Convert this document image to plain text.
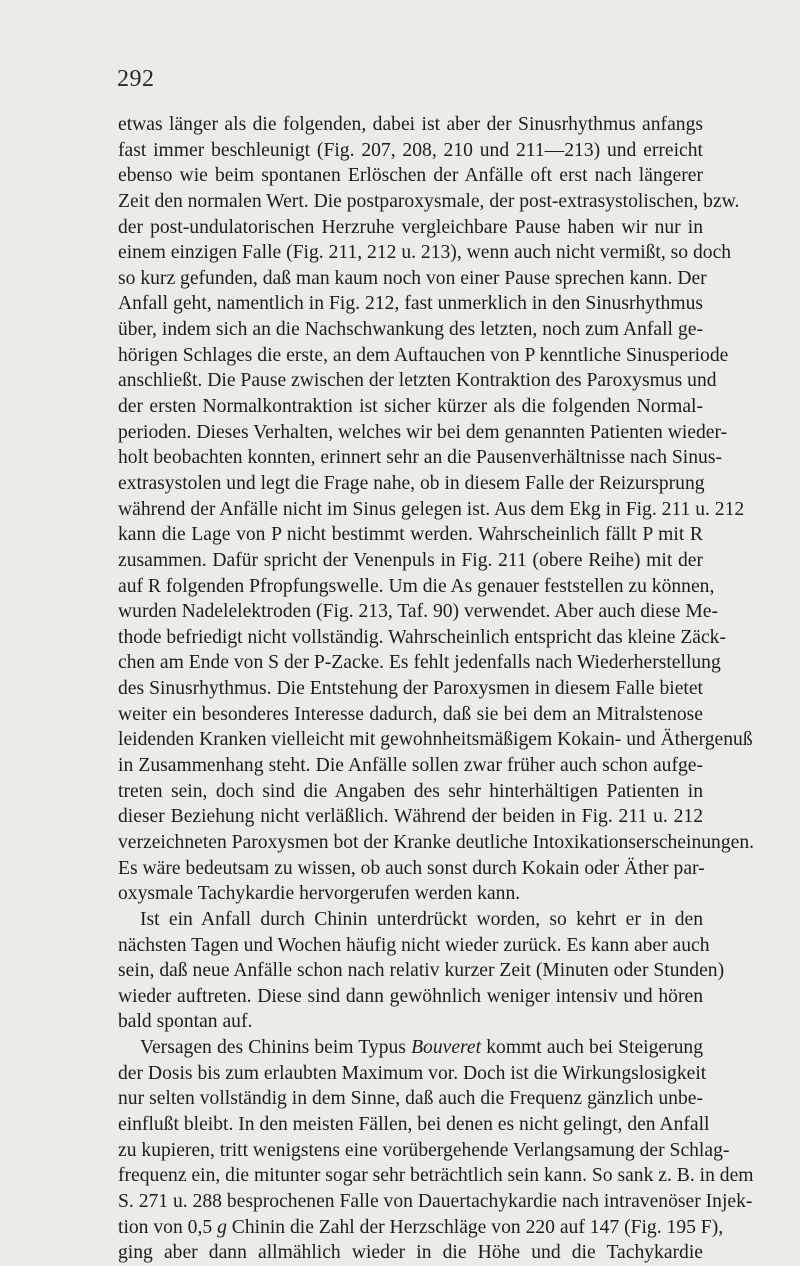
292
etwas länger als die folgenden, dabei ist aber der Sinusrhythmus anfangs
fast immer beschleunigt (Fig. 207, 208, 210 und 211—213) und erreicht
ebenso wie beim spontanen Erlöschen der Anfälle oft erst nach längerer
Zeit den normalen Wert. Die postparoxysmale, der post-extrasystolischen, bzw.
der post-undulatorischen Herzruhe vergleichbare Pause haben wir nur in
einem einzigen Falle (Fig. 211, 212 u. 213), wenn auch nicht vermißt, so doch
so kurz gefunden, daß man kaum noch von einer Pause sprechen kann. Der
Anfall geht, namentlich in Fig. 212, fast unmerklich in den Sinusrhythmus
über, indem sich an die Nachschwankung des letzten, noch zum Anfall ge-
hörigen Schlages die erste, an dem Auftauchen von P kenntliche Sinusperiode
anschließt. Die Pause zwischen der letzten Kontraktion des Paroxysmus und
der ersten Normalkontraktion ist sicher kürzer als die folgenden Normal-
perioden. Dieses Verhalten, welches wir bei dem genannten Patienten wieder-
holt beobachten konnten, erinnert sehr an die Pausenverhältnisse nach Sinus-
extrasystolen und legt die Frage nahe, ob in diesem Falle der Reizursprung
während der Anfälle nicht im Sinus gelegen ist. Aus dem Ekg in Fig. 211 u. 212
kann die Lage von P nicht bestimmt werden. Wahrscheinlich fällt P mit R
zusammen. Dafür spricht der Venenpuls in Fig. 211 (obere Reihe) mit der
auf R folgenden Pfropfungswelle. Um die As genauer feststellen zu können,
wurden Nadelelektroden (Fig. 213, Taf. 90) verwendet. Aber auch diese Me-
thode befriedigt nicht vollständig. Wahrscheinlich entspricht das kleine Zäck-
chen am Ende von S der P-Zacke. Es fehlt jedenfalls nach Wiederherstellung
des Sinusrhythmus. Die Entstehung der Paroxysmen in diesem Falle bietet
weiter ein besonderes Interesse dadurch, daß sie bei dem an Mitralstenose
leidenden Kranken vielleicht mit gewohnheitsmäßigem Kokain- und Äthergenuß
in Zusammenhang steht. Die Anfälle sollen zwar früher auch schon aufge-
treten sein, doch sind die Angaben des sehr hinterhältigen Patienten in
dieser Beziehung nicht verläßlich. Während der beiden in Fig. 211 u. 212
verzeichneten Paroxysmen bot der Kranke deutliche Intoxikationserscheinungen.
Es wäre bedeutsam zu wissen, ob auch sonst durch Kokain oder Äther par-
oxysmale Tachykardie hervorgerufen werden kann.
Ist ein Anfall durch Chinin unterdrückt worden, so kehrt er in den
nächsten Tagen und Wochen häufig nicht wieder zurück. Es kann aber auch
sein, daß neue Anfälle schon nach relativ kurzer Zeit (Minuten oder Stunden)
wieder auftreten. Diese sind dann gewöhnlich weniger intensiv und hören
bald spontan auf.
Versagen des Chinins beim Typus Bouveret kommt auch bei Steigerung
der Dosis bis zum erlaubten Maximum vor. Doch ist die Wirkungslosigkeit
nur selten vollständig in dem Sinne, daß auch die Frequenz gänzlich unbe-
einflußt bleibt. In den meisten Fällen, bei denen es nicht gelingt, den Anfall
zu kupieren, tritt wenigstens eine vorübergehende Verlangsamung der Schlag-
frequenz ein, die mitunter sogar sehr beträchtlich sein kann. So sank z. B. in dem
S. 271 u. 288 besprochenen Falle von Dauertachykardie nach intravenöser Injek-
tion von 0,5 g Chinin die Zahl der Herzschläge von 220 auf 147 (Fig. 195 F),
ging aber dann allmählich wieder in die Höhe und die Tachykardie
